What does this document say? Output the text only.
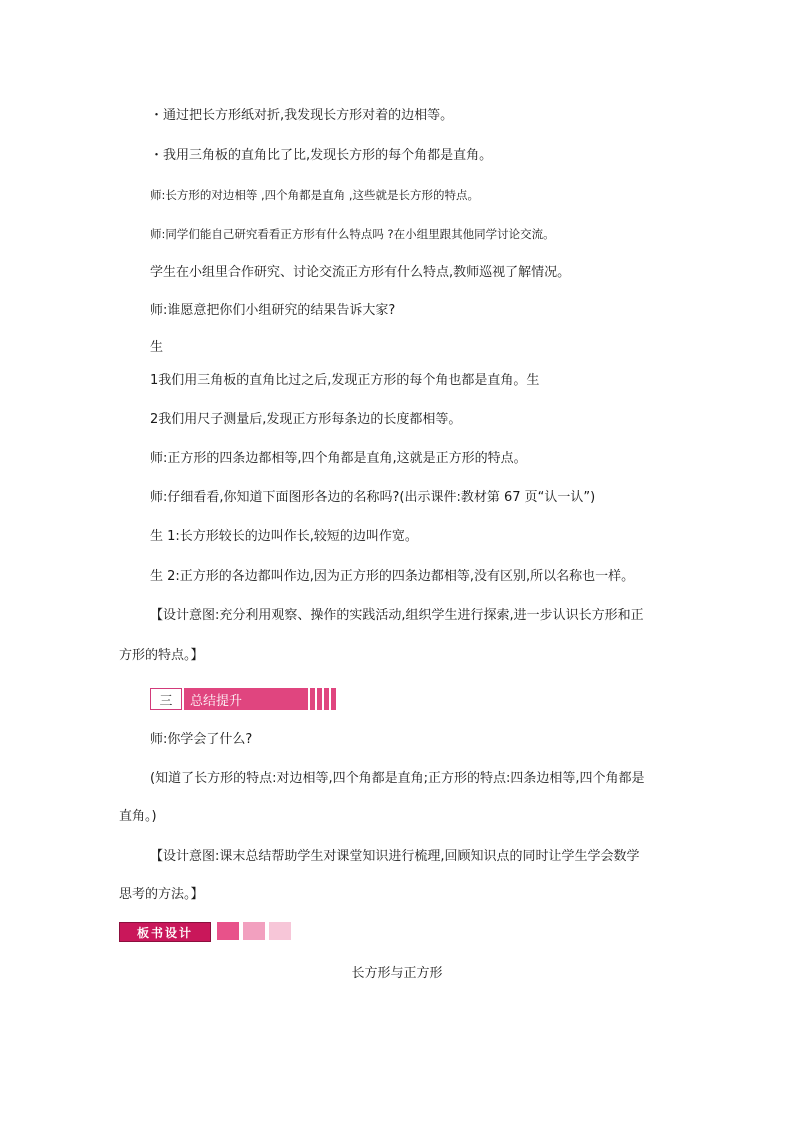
・通过把长方形纸对折,我发现长方形对着的边相等。
・我用三角板的直角比了比,发现长方形的每个角都是直角。
师:长方形的对边相等 ,四个角都是直角 ,这些就是长方形的特点。
师:同学们能自己研究看看正方形有什么特点吗 ?在小组里跟其他同学讨论交流。
学生在小组里合作研究、讨论交流正方形有什么特点,教师巡视了解情况。
师:谁愿意把你们小组研究的结果告诉大家?
生
1我们用三角板的直角比过之后,发现正方形的每个角也都是直角。生
2我们用尺子测量后,发现正方形每条边的长度都相等。
师:正方形的四条边都相等,四个角都是直角,这就是正方形的特点。
师:仔细看看,你知道下面图形各边的名称吗?(出示课件:教材第 67 页“认一认”)
生 1:长方形较长的边叫作长,较短的边叫作宽。
生 2:正方形的各边都叫作边,因为正方形的四条边都相等,没有区别,所以名称也一样。
【设计意图:充分利用观察、操作的实践活动,组织学生进行探索,进一步认识长方形和正
方形的特点。】
三	总结提升
师:你学会了什么?
(知道了长方形的特点:对边相等,四个角都是直角;正方形的特点:四条边相等,四个角都是
直角。)
【设计意图:课末总结帮助学生对课堂知识进行梳理,回顾知识点的同时让学生学会数学
思考的方法。】
板书设计
长方形与正方形
